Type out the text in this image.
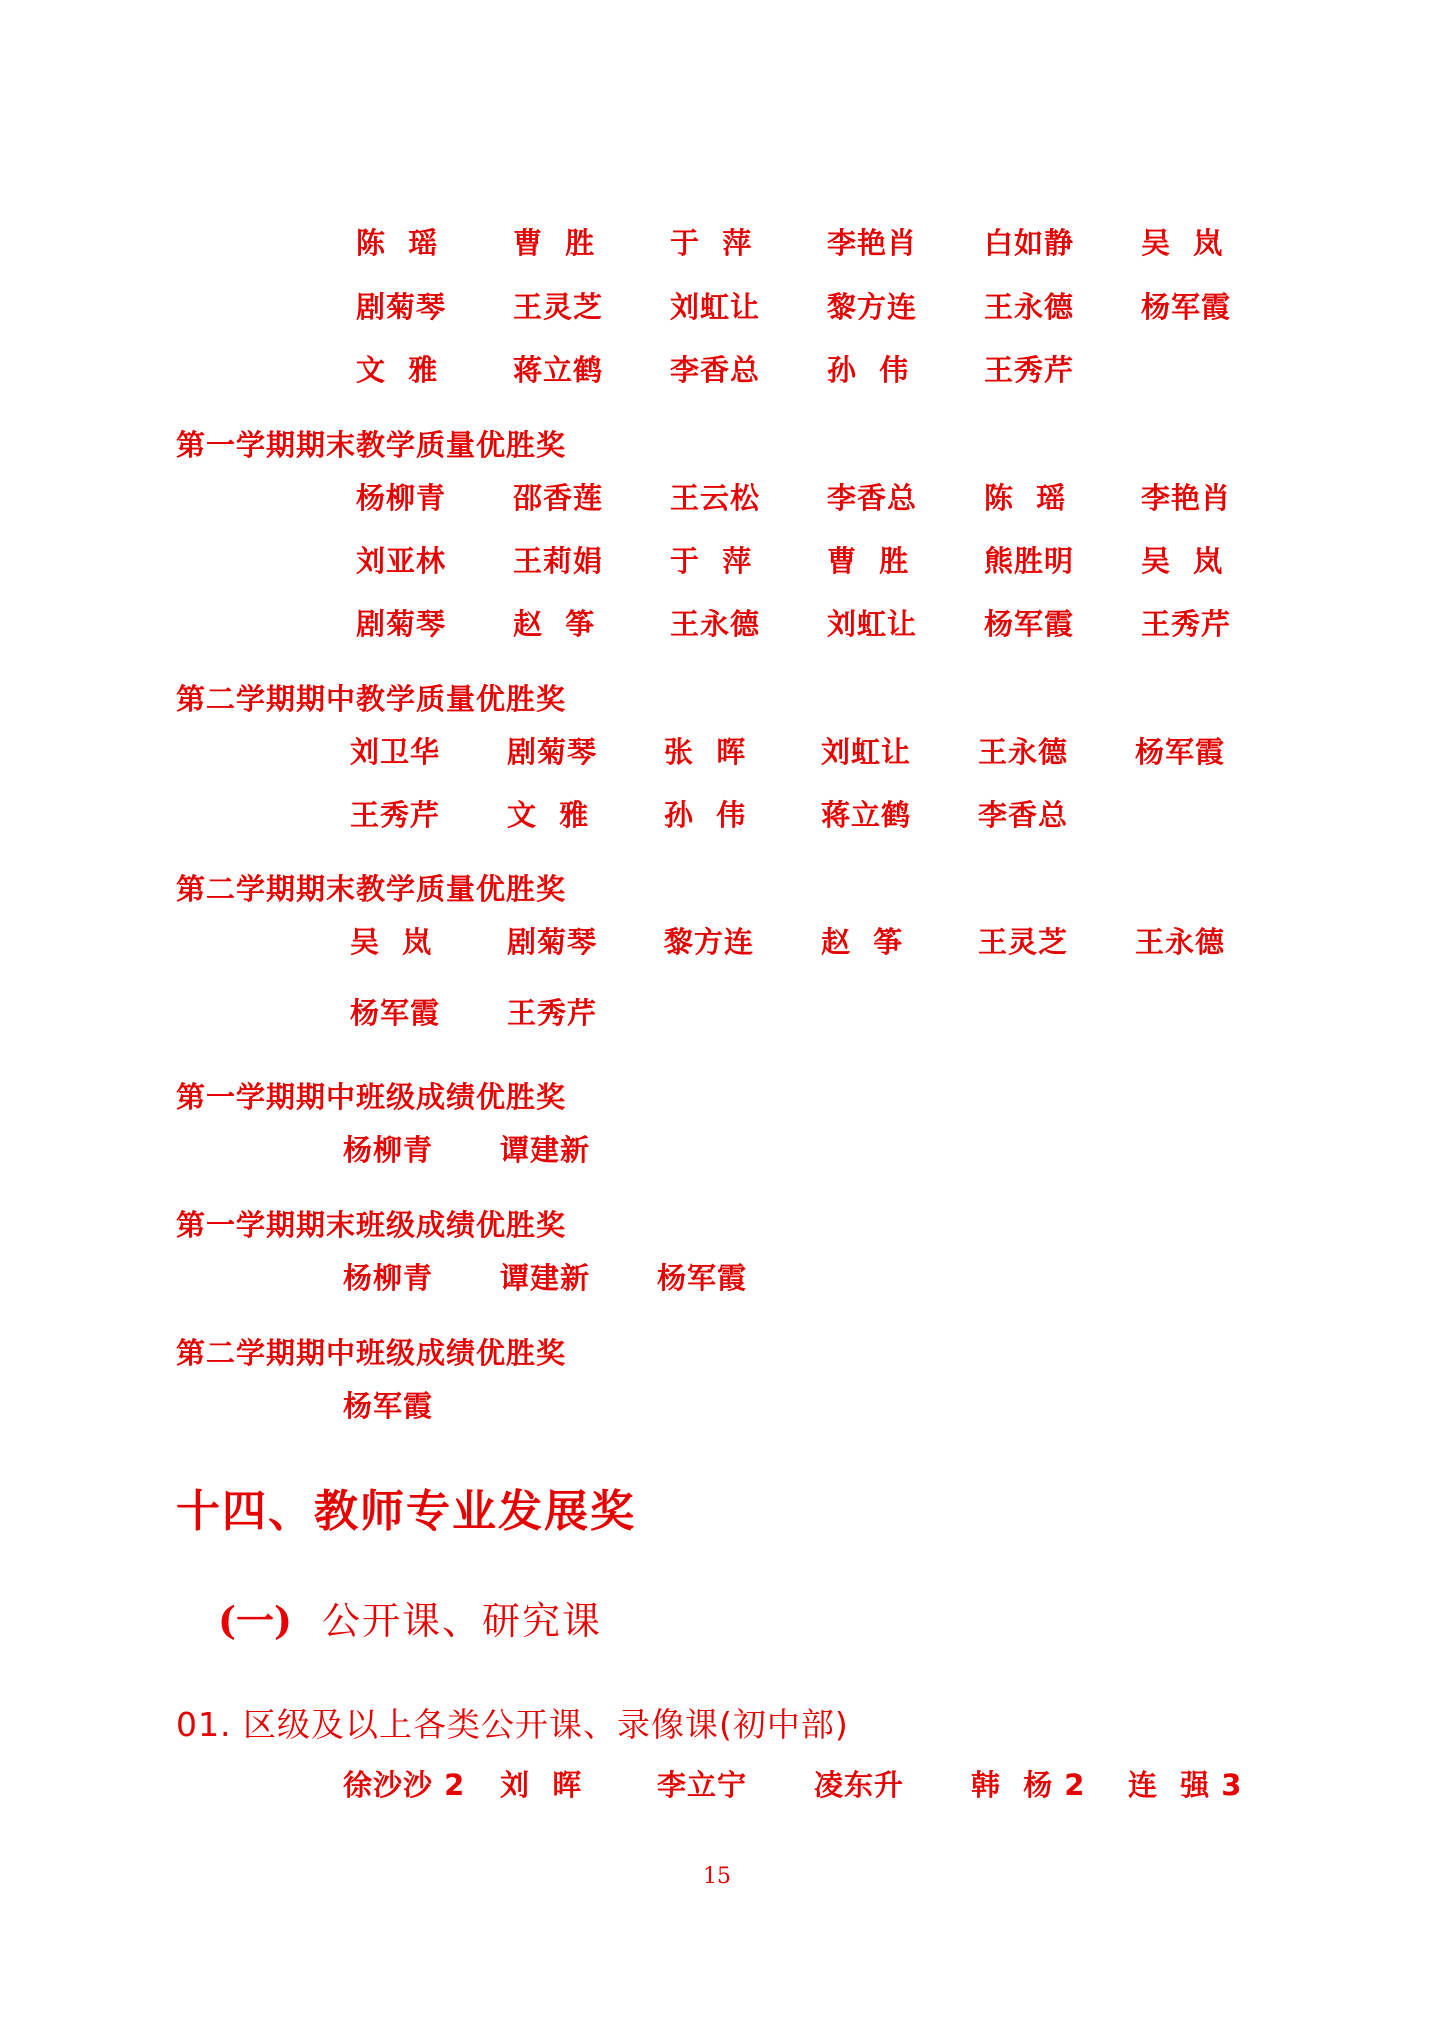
陈  瑶	曹  胜	于  萍	李艳肖	白如静	吴  岚
剧菊琴	王灵芝	刘虹让	黎方连	王永德	杨军霞
文  雅	蒋立鹤	李香总	孙  伟	王秀芹
第一学期期末教学质量优胜奖
杨柳青	邵香莲	王云松	李香总	陈  瑶	李艳肖
刘亚林	王莉娟	于  萍	曹  胜	熊胜明	吴  岚
剧菊琴	赵  筝	王永德	刘虹让	杨军霞	王秀芹
第二学期期中教学质量优胜奖
刘卫华	剧菊琴	张  晖	刘虹让	王永德	杨军霞
王秀芹	文  雅	孙  伟	蒋立鹤	李香总
第二学期期末教学质量优胜奖
吴  岚	剧菊琴	黎方连	赵  筝	王灵芝	王永德
杨军霞	王秀芹
第一学期期中班级成绩优胜奖
杨柳青	谭建新
第一学期期末班级成绩优胜奖
杨柳青	谭建新	杨军霞
第二学期期中班级成绩优胜奖
杨军霞
十四、教师专业发展奖
(一) 公开课、研究课
01. 区级及以上各类公开课、录像课(初中部)
徐沙沙 2	刘  晖	李立宁	凌东升	韩  杨 2	连  强 3
15
